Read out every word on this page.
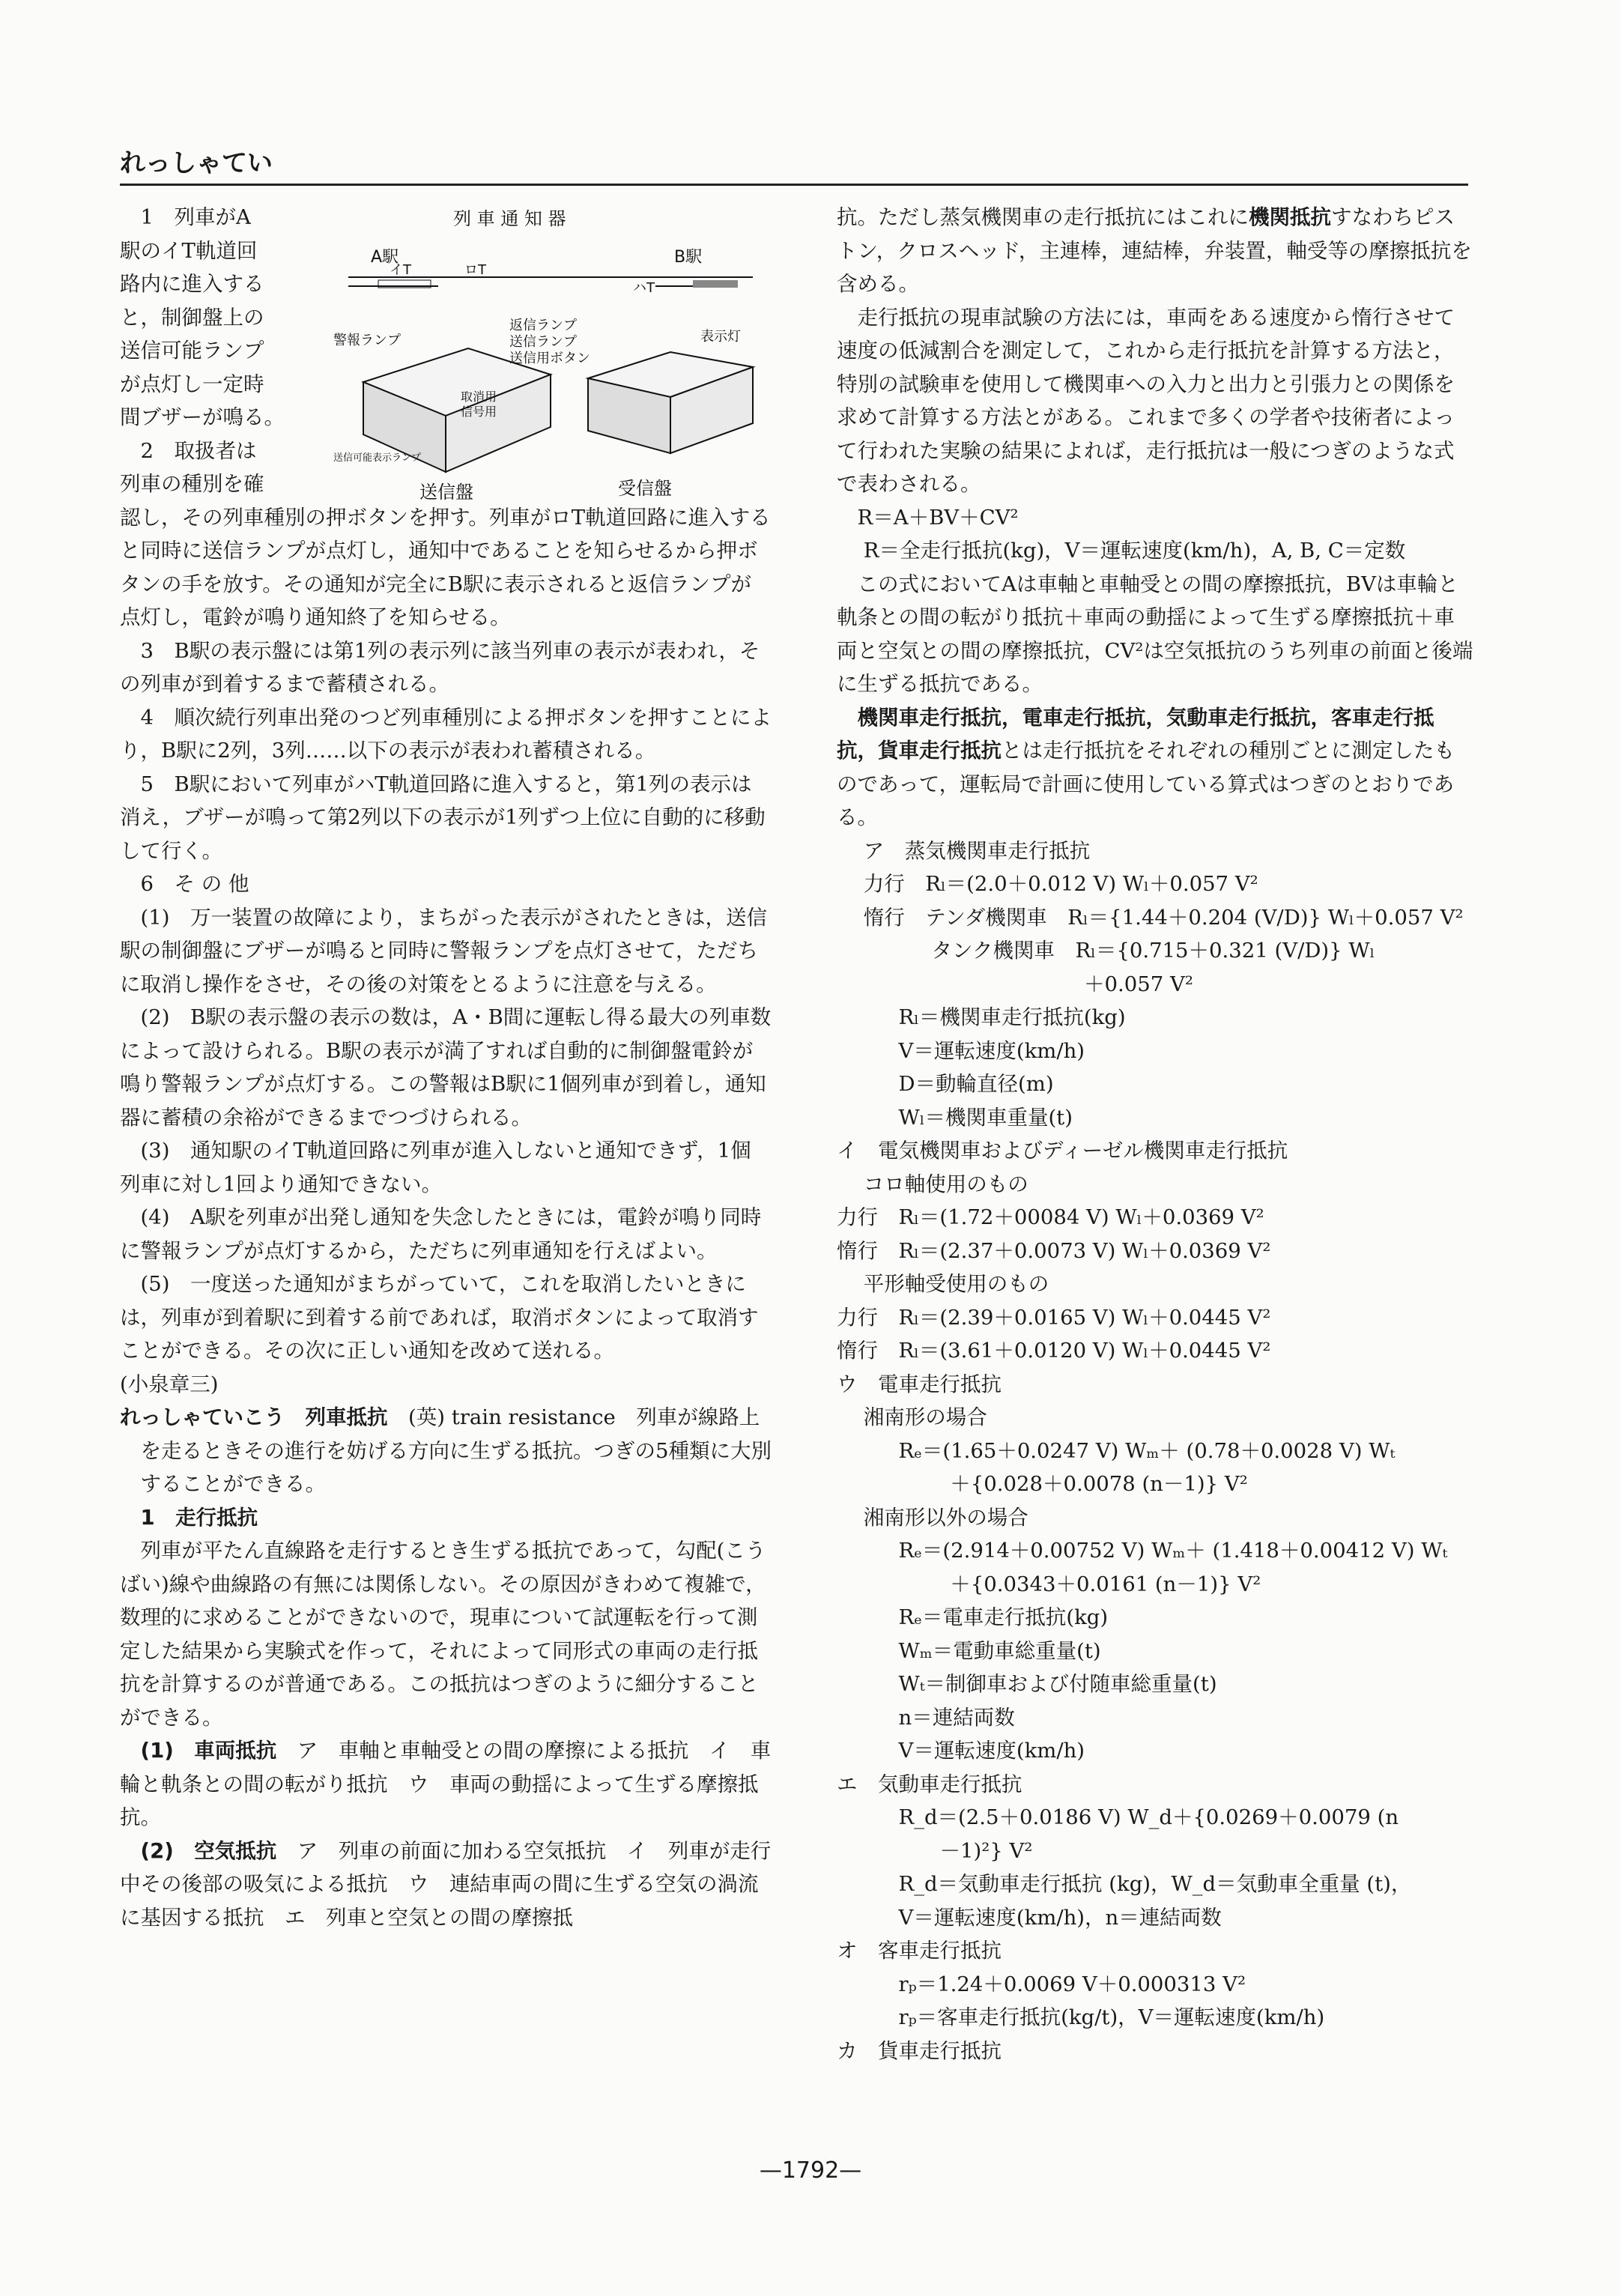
れっしゃてい
列 車 通 知 器
A駅	B駅
イT	ロT
ハT
警報ランプ
返信ランプ
送信ランプ
送信用ボタン
表示灯
取消用
信号用
送信可能表示ランプ
送信盤	受信盤

1　列車がA

駅のイT軌道回

路内に進入する

と，制御盤上の

送信可能ランプ

が点灯し一定時

間ブザーが鳴る。

2　取扱者は

列車の種別を確

認し，その列車種別の押ボタンを押す。列車がロT軌道回路に進入すると同時に送信ランプが点灯し，通知中であることを知らせるから押ボタンの手を放す。その通知が完全にB駅に表示されると返信ランプが点灯し，電鈴が鳴り通知終了を知らせる。

3　B駅の表示盤には第1列の表示列に該当列車の表示が表われ，その列車が到着するまで蓄積される。

4　順次続行列車出発のつど列車種別による押ボタンを押すことにより，B駅に2列，3列……以下の表示が表われ蓄積される。

5　B駅において列車がハT軌道回路に進入すると，第1列の表示は消え，ブザーが鳴って第2列以下の表示が1列ずつ上位に自動的に移動して行く。

6　そ の 他

(1)　万一装置の故障により，まちがった表示がされたときは，送信駅の制御盤にブザーが鳴ると同時に警報ランプを点灯させて，ただちに取消し操作をさせ，その後の対策をとるように注意を与える。

(2)　B駅の表示盤の表示の数は，A・B間に運転し得る最大の列車数によって設けられる。B駅の表示が満了すれば自動的に制御盤電鈴が鳴り警報ランプが点灯する。この警報はB駅に1個列車が到着し，通知器に蓄積の余裕ができるまでつづけられる。

(3)　通知駅のイT軌道回路に列車が進入しないと通知できず，1個列車に対し1回より通知できない。

(4)　A駅を列車が出発し通知を失念したときには，電鈴が鳴り同時に警報ランプが点灯するから，ただちに列車通知を行えばよい。

(5)　一度送った通知がまちがっていて，これを取消したいときには，列車が到着駅に到着する前であれば，取消ボタンによって取消すことができる。その次に正しい通知を改めて送れる。

(小泉章三)

れっしゃていこう　 列車抵抗　 (英) train resistance　列車が線路上を走るときその進行を妨げる方向に生ずる抵抗。つぎの5種類に大別することができる。

1　走行抵抗

列車が平たん直線路を走行するとき生ずる抵抗であって，勾配(こうばい)線や曲線路の有無には関係しない。その原因がきわめて複雑で，数理的に求めることができないので，現車について試運転を行って測定した結果から実験式を作って，それによって同形式の車両の走行抵抗を計算するのが普通である。この抵抗はつぎのように細分することができる。

(1)　車両抵抗　 ア　車軸と車軸受との間の摩擦による抵抗　イ　車輪と軌条との間の転がり抵抗　ウ　車両の動揺によって生ずる摩擦抵抗。

(2)　空気抵抗　 ア　列車の前面に加わる空気抵抗　イ　列車が走行中その後部の吸気による抵抗　ウ　連結車両の間に生ずる空気の渦流に基因する抵抗　エ　列車と空気との間の摩擦抵

抗。ただし蒸気機関車の走行抵抗にはこれに機関抵抗すなわちピストン，クロスヘッド，主連棒，連結棒，弁装置，軸受等の摩擦抵抗を含める。

走行抵抗の現車試験の方法には，車両をある速度から惰行させて速度の低減割合を測定して，これから走行抵抗を計算する方法と，特別の試験車を使用して機関車への入力と出力と引張力との関係を求めて計算する方法とがある。これまで多くの学者や技術者によって行われた実験の結果によれば，走行抵抗は一般につぎのような式で表わされる。

R＝A＋BV＋CV²

R＝全走行抵抗(kg)，V＝運転速度(km/h)，A, B, C＝定数

この式においてAは車軸と車軸受との間の摩擦抵抗，BVは車輪と軌条との間の転がり抵抗＋車両の動揺によって生ずる摩擦抵抗＋車両と空気との間の摩擦抵抗，CV²は空気抵抗のうち列車の前面と後端に生ずる抵抗である。

機関車走行抵抗，電車走行抵抗，気動車走行抵抗，客車走行抵抗，貨車走行抵抗とは走行抵抗をそれぞれの種別ごとに測定したものであって，運転局で計画に使用している算式はつぎのとおりである。

ア　蒸気機関車走行抵抗

力行　Rₗ＝(2.0＋0.012 V) Wₗ＋0.057 V²

惰行　テンダ機関車　Rₗ＝{1.44＋0.204 (V/D)} Wₗ＋0.057 V²

タンク機関車　Rₗ＝{0.715＋0.321 (V/D)} Wₗ

＋0.057 V²

Rₗ＝機関車走行抵抗(kg)

V＝運転速度(km/h)

D＝動輪直径(m)

Wₗ＝機関車重量(t)

イ　電気機関車およびディーゼル機関車走行抵抗

コロ軸使用のもの

力行　Rₗ＝(1.72＋00084 V) Wₗ＋0.0369 V²

惰行　Rₗ＝(2.37＋0.0073 V) Wₗ＋0.0369 V²

平形軸受使用のもの

力行　Rₗ＝(2.39＋0.0165 V) Wₗ＋0.0445 V²

惰行　Rₗ＝(3.61＋0.0120 V) Wₗ＋0.0445 V²

ウ　電車走行抵抗

湘南形の場合

Rₑ＝(1.65＋0.0247 V) Wₘ＋ (0.78＋0.0028 V) Wₜ

＋{0.028＋0.0078 (n－1)} V²

湘南形以外の場合

Rₑ＝(2.914＋0.00752 V) Wₘ＋ (1.418＋0.00412 V) Wₜ

＋{0.0343＋0.0161 (n－1)} V²

Rₑ＝電車走行抵抗(kg)

Wₘ＝電動車総重量(t)

Wₜ＝制御車および付随車総重量(t)

n＝連結両数

V＝運転速度(km/h)

エ　気動車走行抵抗

R_d＝(2.5＋0.0186 V) W_d＋{0.0269＋0.0079 (n

－1)²} V²

R_d＝気動車走行抵抗 (kg)，W_d＝気動車全重量 (t)，

V＝運転速度(km/h)，n＝連結両数

オ　客車走行抵抗

rₚ＝1.24＋0.0069 V＋0.000313 V²

rₚ＝客車走行抵抗(kg/t)，V＝運転速度(km/h)

カ　貨車走行抵抗

—1792—
